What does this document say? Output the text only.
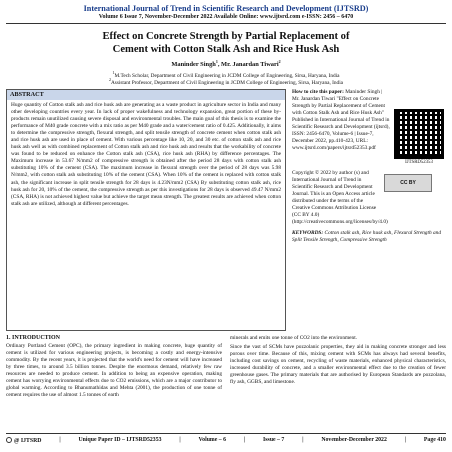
International Journal of Trend in Scientific Research and Development (IJTSRD)
Volume 6 Issue 7, November-December 2022 Available Online: www.ijtsrd.com e-ISSN: 2456 – 6470
Effect on Concrete Strength by Partial Replacement of
Cement with Cotton Stalk Ash and Rice Husk Ash
Maninder Singh$^1$, Mr. Janardan Tiwari$^2$
$^1$M.Tech Scholar, Department of Civil Engineering in JCDM College of Engineering, Sirsa, Haryana, India
$^2$Assistant Professor, Department of Civil Engineering in JCDM College of Engineering, Sirsa, Haryana, India
ABSTRACT
Huge quantity of Cotton stalk ash and rice husk ash are generating as a waste product in agriculture sector in India and many other developing countries every year. In lack of proper wakefulness and technology expansion, great portion of these by-products remain unutilized causing severe disposal and environmental troubles. The main goal of this thesis is to examine the performance of M40 grade concrete with a mix ratio as per M40 grade and a water/cement ratio of 0.425. Additionally, it aims to determine the compressive strength, flexural strength, and split tensile strength of concrete cement when cotton stalk ash and rice husk ash are used in place of cement. With various percentage like 10, 20, and 30 etc. of cotton stalk ash and rice husk ash well as with combined replacement of Cotton stalk ash and rice husk ash and results that the workability of concrete was found to be reduced on enhance the Cotton stalk ash (CSA), rice husk ash (RHA) by difference percentages. The Maximum increase in 53.67 N/mm2 of compressive strength is obtained after the period 28 days with cotton stalk ash substituting 10% of the cement (CSA). The maximum increase in flexural strength over the period of 28 days was 5.98 N/mm2, with cotton stalk ash substituting 10% of the cement (CSA). When 10% of the cement is replaced with cotton stalk ash, the significant increase in split tensile strength for 28 days is 4.23N/mm2 (CSA) By substituting cotton stalk ash, rice husk ash for 20, 10% of the cement, the compressive strength as per this investigations for 28 days is observed 49.47 N/mm2 (CSA, RHA) is not achieved highest value but achieve the target mean strength. The greatest results are achieved when cotton stalk ash are utilized, although at different percentages.
How to cite this paper: Maninder Singh | Mr. Janardan Tiwari "Effect on Concrete Strength by Partial Replacement of Cement with Cotton Stalk Ash and Rice Husk Ash" Published in International Journal of Trend in Scientific Research and Development (ijtsrd), ISSN: 2456-6470, Volume-6 | Issue-7, December 2022, pp.410-423, URL: www.ijtsrd.com/papers/ijtsrd52353.pdf
IJTSRD52353
Copyright © 2022 by author (s) and International Journal of Trend in Scientific Research and Development Journal. This is an Open Access article distributed under the terms of the Creative Commons Attribution License (CC BY 4.0) (http://creativecommons.org/licenses/by/4.0)
CC BY
KEYWORDS: Cotton stalk ash, Rice husk ash, Flexural Strength and Split Tensile Strength, Compressive Strength
1. INTRODUCTION
Ordinary Portland Cement (OPC), the primary ingredient in making concrete, huge quantity of cement is utilized for various engineering projects, is becoming a costly and energy-intensive commodity. By the recent years, it is projected that the world's need for cement will have increased by three times, to around 3.5 billion tonnes. Despite the enormous demand, relatively few raw resources are needed to produce cement. In addition to being an expensive operation, making cement has worrying environmental effects due to CO2 emissions, which are a major contributor to global warming. According to Bhanumathidas and Mehta (2001), the production of one tonne of cement requires the use of almost 1.5 tonnes of earth
minerals and emits one tonne of CO2 into the environment.
Since the vast of SCMs have pozzolanic properties, they aid in making concrete stronger and less porous over time. Because of this, mixing cement with SCMs has always had several benefits, including cost savings on cement, recycling of waste materials, enhanced physical characteristics, increased durability of concrete, and a smaller environmental effect due to the creation of fewer greenhouse gases. The primary materials that are authorised by European Standards are pozzolana, fly ash, GGBS, and limestone.
@ IJTSRD	|	Unique Paper ID – IJTSRD52353	|	Volume – 6	|	Issue – 7	|	November-December 2022	|	Page 410
